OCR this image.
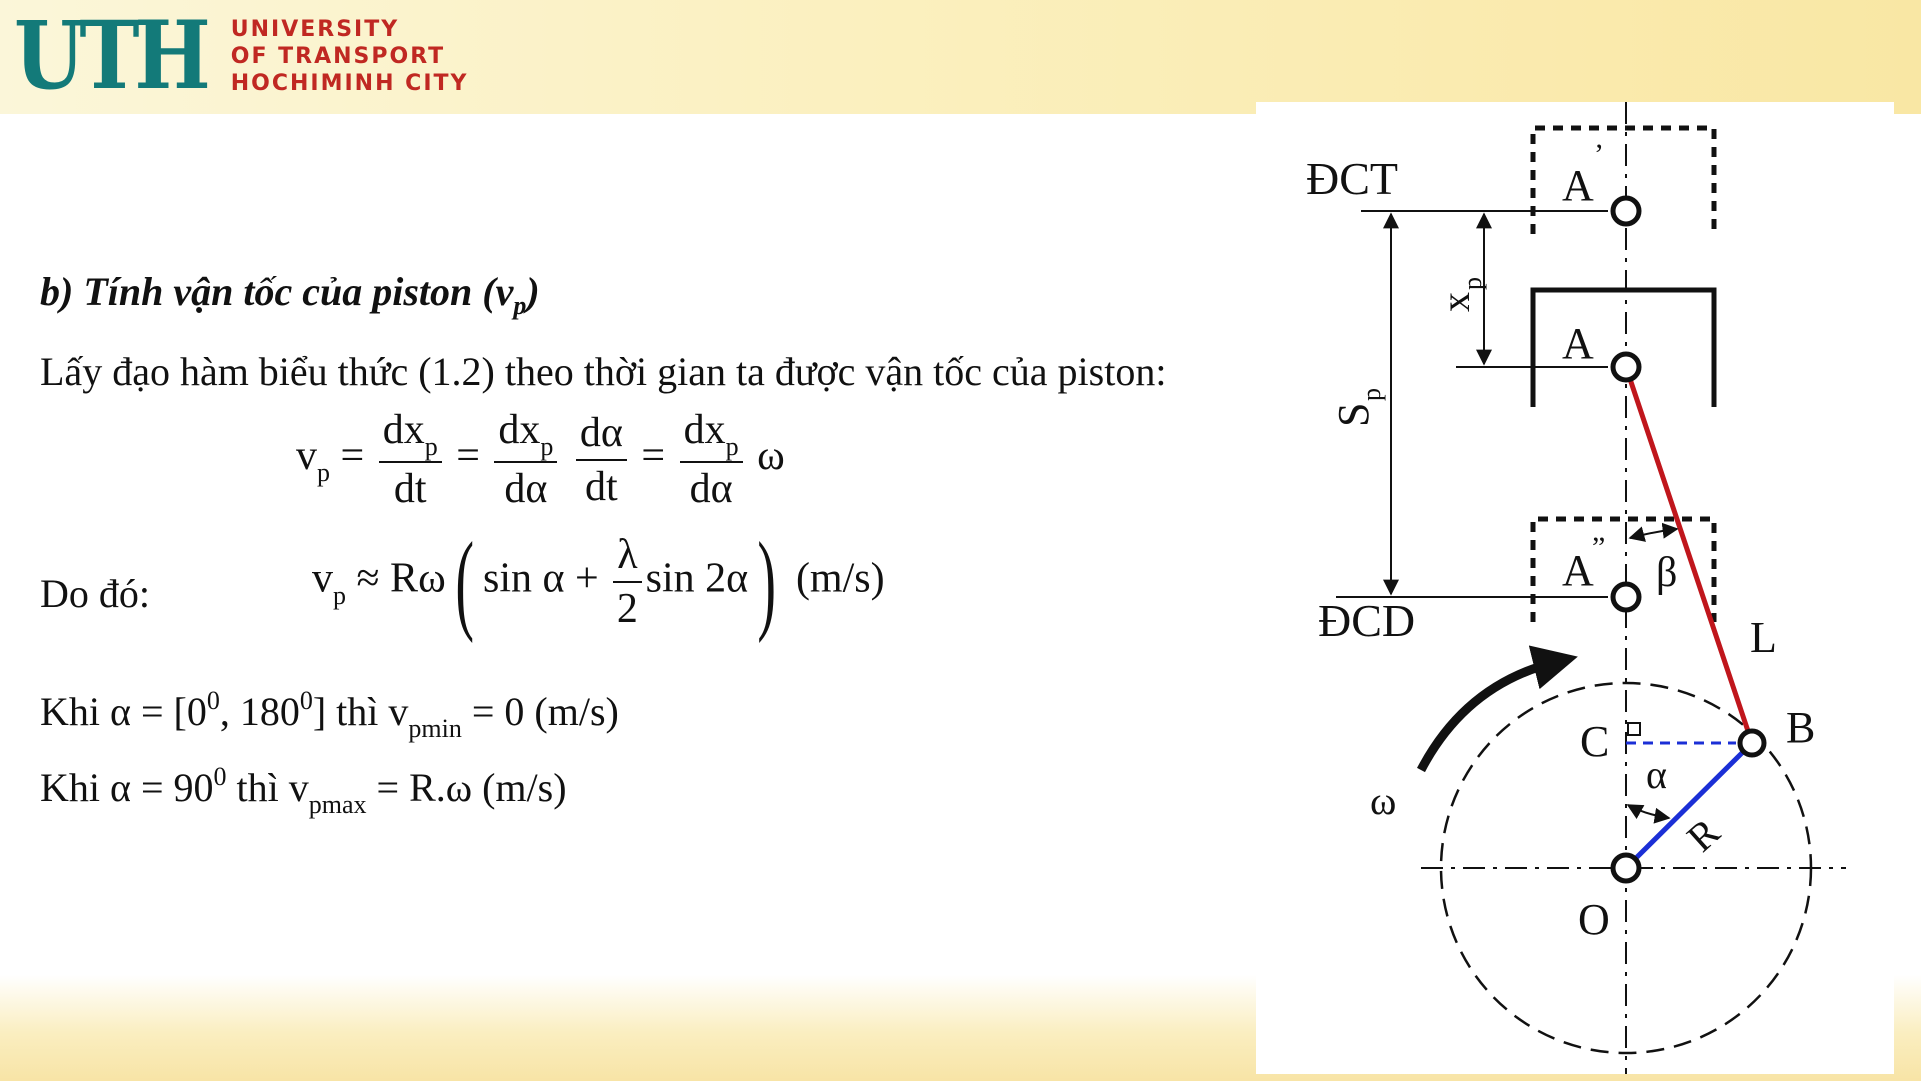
UTH UNIVERSITY
OF TRANSPORT
HOCHIMINH CITY
b) Tính vận tốc của piston $(v_p)$
Lấy đạo hàm biểu thức (1.2) theo thời gian ta được vận tốc của piston:
$v_p = \frac{dx_p}{dt} = \frac{dx_p}{d\alpha}$
$\frac{d\alpha}{dt} = \frac{dx_p}{d\alpha}$ ω
Do đó:	$v_p \approx R\omega$( $\sin \alpha + \frac{\lambda}{2}$ sin 2α) (m/s)
Khi $\alpha = [0^0$, $180^0$] thì $v_{pmin} = 0$ (m/s)
Khi $\alpha = 90^0$ thì $v_{pmax} = R.\omega$ (m/s)
ĐCT
ĐCD
A
’
A
A
”
x
p
S
p
β
L
B
C
α
R
O
ω
